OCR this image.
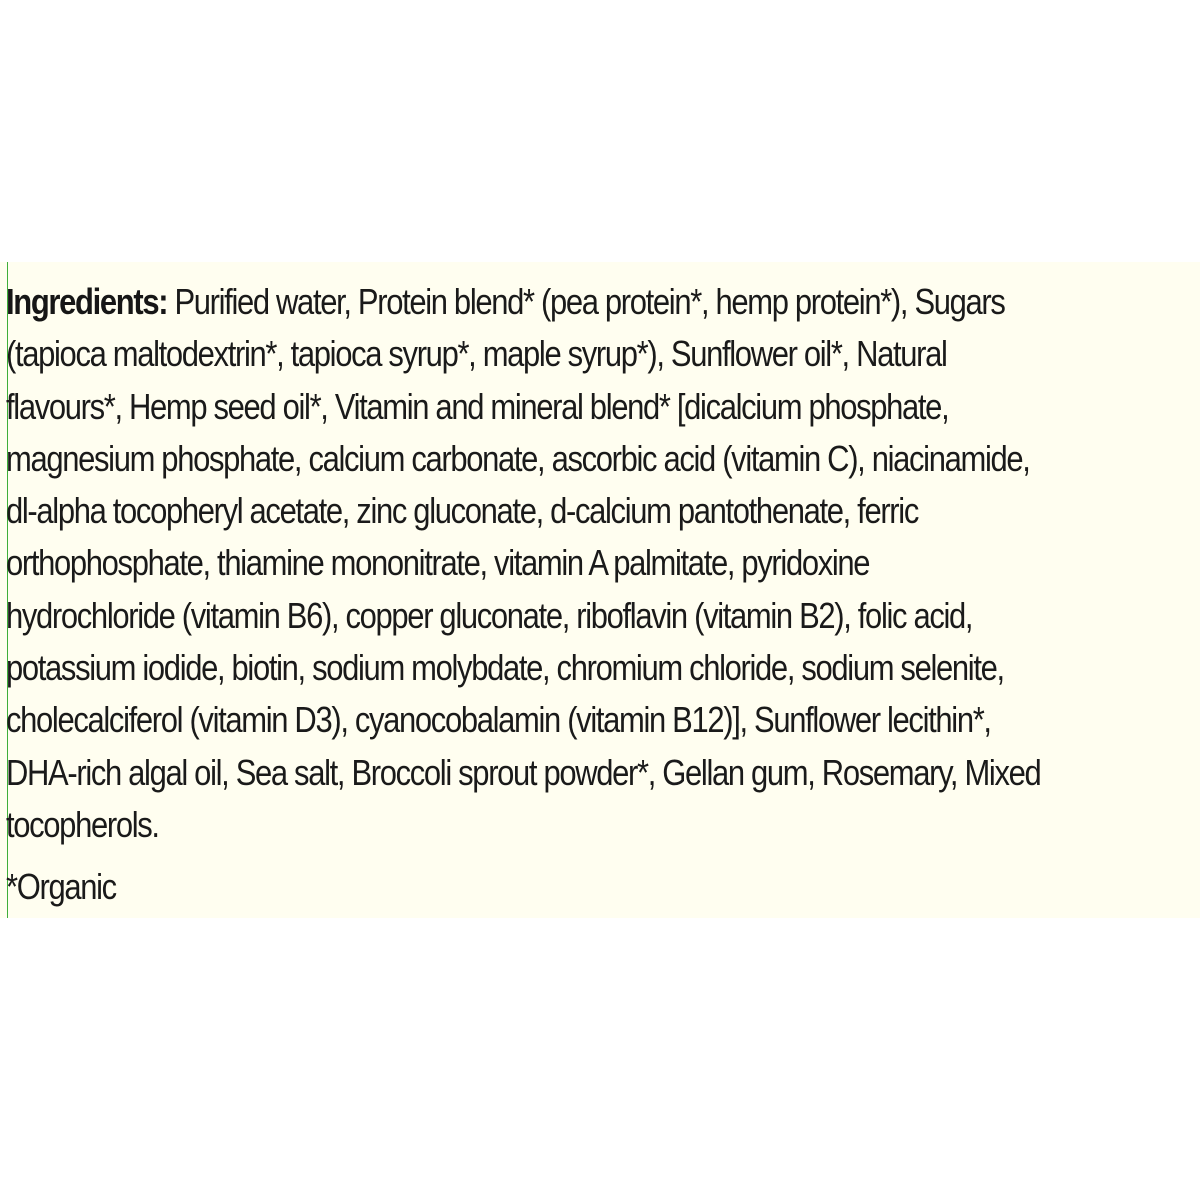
Ingredients: Purified water, Protein blend* (pea protein*, hemp protein*), Sugars
(tapioca maltodextrin*, tapioca syrup*, maple syrup*), Sunflower oil*, Natural
flavours*, Hemp seed oil*, Vitamin and mineral blend* [dicalcium phosphate,
magnesium phosphate, calcium carbonate, ascorbic acid (vitamin C), niacinamide,
dl-alpha tocopheryl acetate, zinc gluconate, d-calcium pantothenate, ferric
orthophosphate, thiamine mononitrate, vitamin A palmitate, pyridoxine
hydrochloride (vitamin B6), copper gluconate, riboflavin (vitamin B2), folic acid,
potassium iodide, biotin, sodium molybdate, chromium chloride, sodium selenite,
cholecalciferol (vitamin D3), cyanocobalamin (vitamin B12)], Sunflower lecithin*,
DHA-rich algal oil, Sea salt, Broccoli sprout powder*, Gellan gum, Rosemary, Mixed
tocopherols.

*Organic
